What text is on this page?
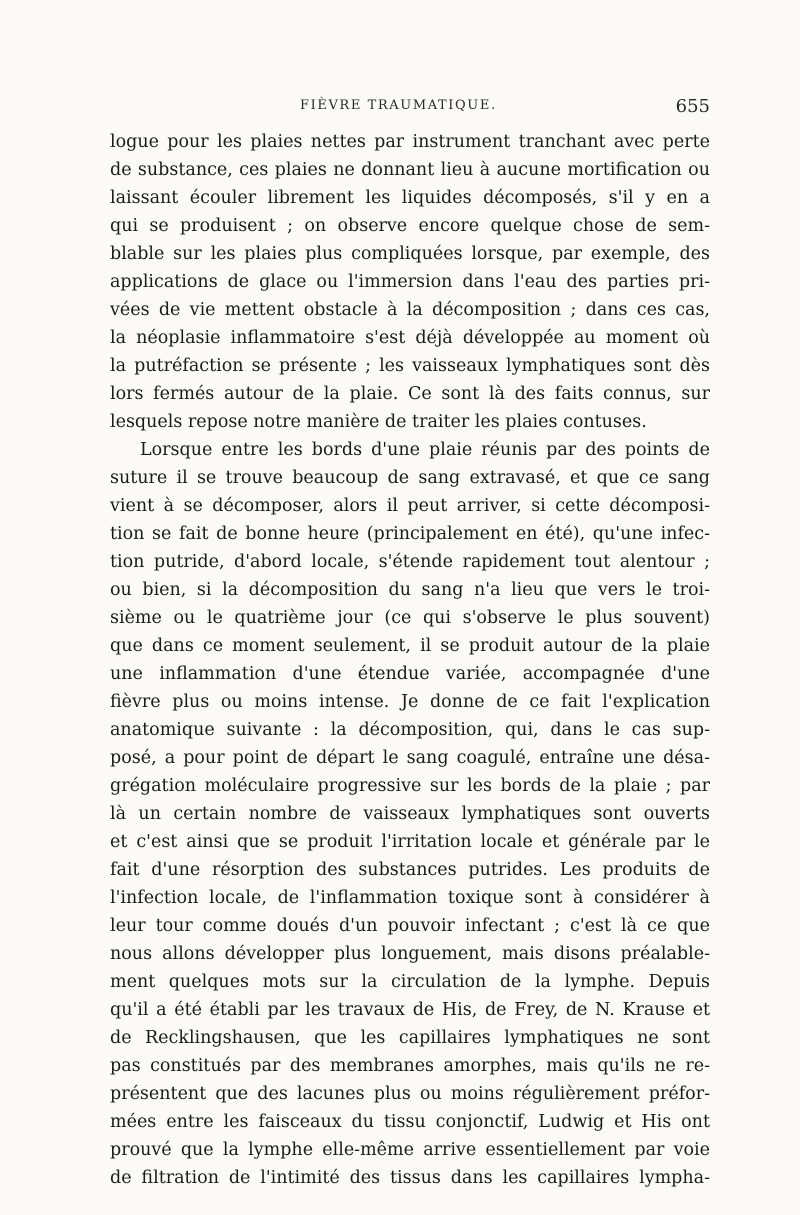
FIÈVRE TRAUMATIQUE.	655
logue pour les plaies nettes par instrument tranchant avec perte
de substance, ces plaies ne donnant lieu à aucune mortification ou
laissant écouler librement les liquides décomposés, s'il y en a
qui se produisent ; on observe encore quelque chose de sem-
blable sur les plaies plus compliquées lorsque, par exemple, des
applications de glace ou l'immersion dans l'eau des parties pri-
vées de vie mettent obstacle à la décomposition ; dans ces cas,
la néoplasie inflammatoire s'est déjà développée au moment où
la putréfaction se présente ; les vaisseaux lymphatiques sont dès
lors fermés autour de la plaie. Ce sont là des faits connus, sur
lesquels repose notre manière de traiter les plaies contuses.
Lorsque entre les bords d'une plaie réunis par des points de
suture il se trouve beaucoup de sang extravasé, et que ce sang
vient à se décomposer, alors il peut arriver, si cette décomposi-
tion se fait de bonne heure (principalement en été), qu'une infec-
tion putride, d'abord locale, s'étende rapidement tout alentour ;
ou bien, si la décomposition du sang n'a lieu que vers le troi-
sième ou le quatrième jour (ce qui s'observe le plus souvent)
que dans ce moment seulement, il se produit autour de la plaie
une inflammation d'une étendue variée, accompagnée d'une
fièvre plus ou moins intense. Je donne de ce fait l'explication
anatomique suivante : la décomposition, qui, dans le cas sup-
posé, a pour point de départ le sang coagulé, entraîne une désa-
grégation moléculaire progressive sur les bords de la plaie ; par
là un certain nombre de vaisseaux lymphatiques sont ouverts
et c'est ainsi que se produit l'irritation locale et générale par le
fait d'une résorption des substances putrides. Les produits de
l'infection locale, de l'inflammation toxique sont à considérer à
leur tour comme doués d'un pouvoir infectant ; c'est là ce que
nous allons développer plus longuement, mais disons préalable-
ment quelques mots sur la circulation de la lymphe. Depuis
qu'il a été établi par les travaux de His, de Frey, de N. Krause et
de Recklingshausen, que les capillaires lymphatiques ne sont
pas constitués par des membranes amorphes, mais qu'ils ne re-
présentent que des lacunes plus ou moins régulièrement préfor-
mées entre les faisceaux du tissu conjonctif, Ludwig et His ont
prouvé que la lymphe elle-même arrive essentiellement par voie
de filtration de l'intimité des tissus dans les capillaires lympha-
